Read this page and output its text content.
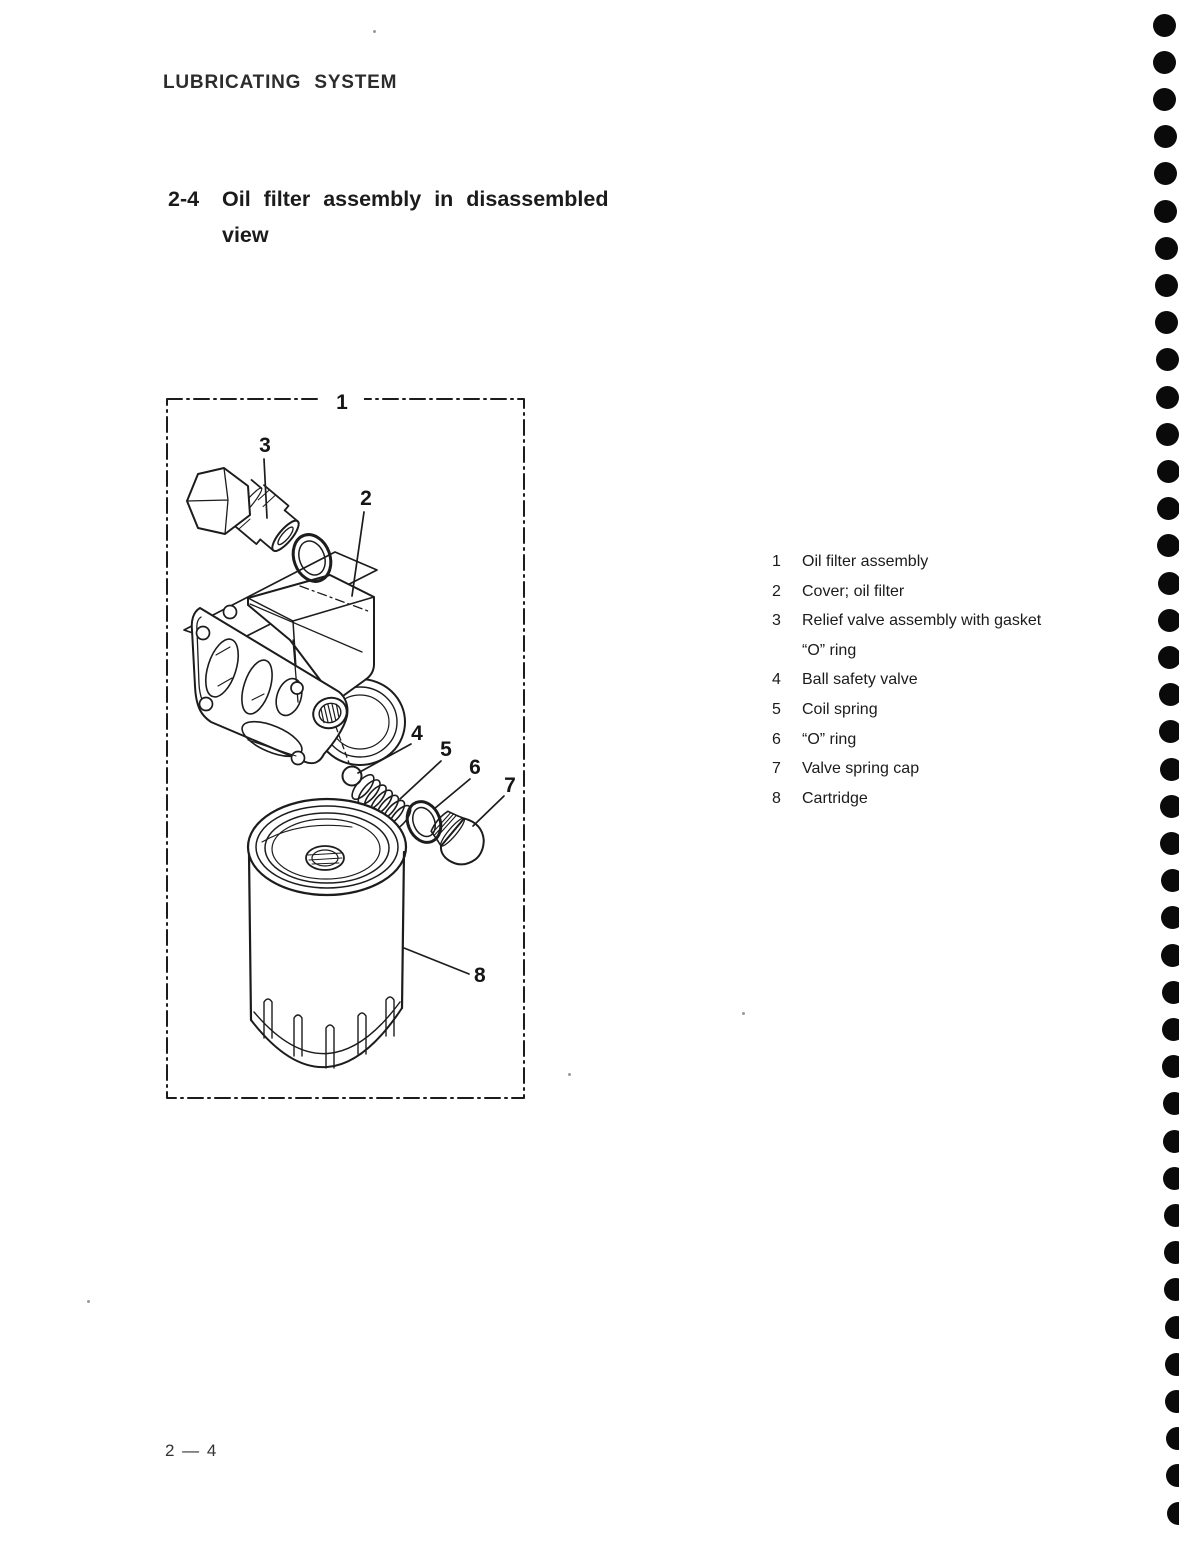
LUBRICATING SYSTEM
2-4	Oil filter assembly in disassembled
view
1
2
3
4
5
6
7
8
1	Oil filter assembly
2	Cover; oil filter
3	Relief valve assembly with gasket
“O” ring
4	Ball safety valve
5	Coil spring
6	“O” ring
7	Valve spring cap
8	Cartridge
2 — 4
